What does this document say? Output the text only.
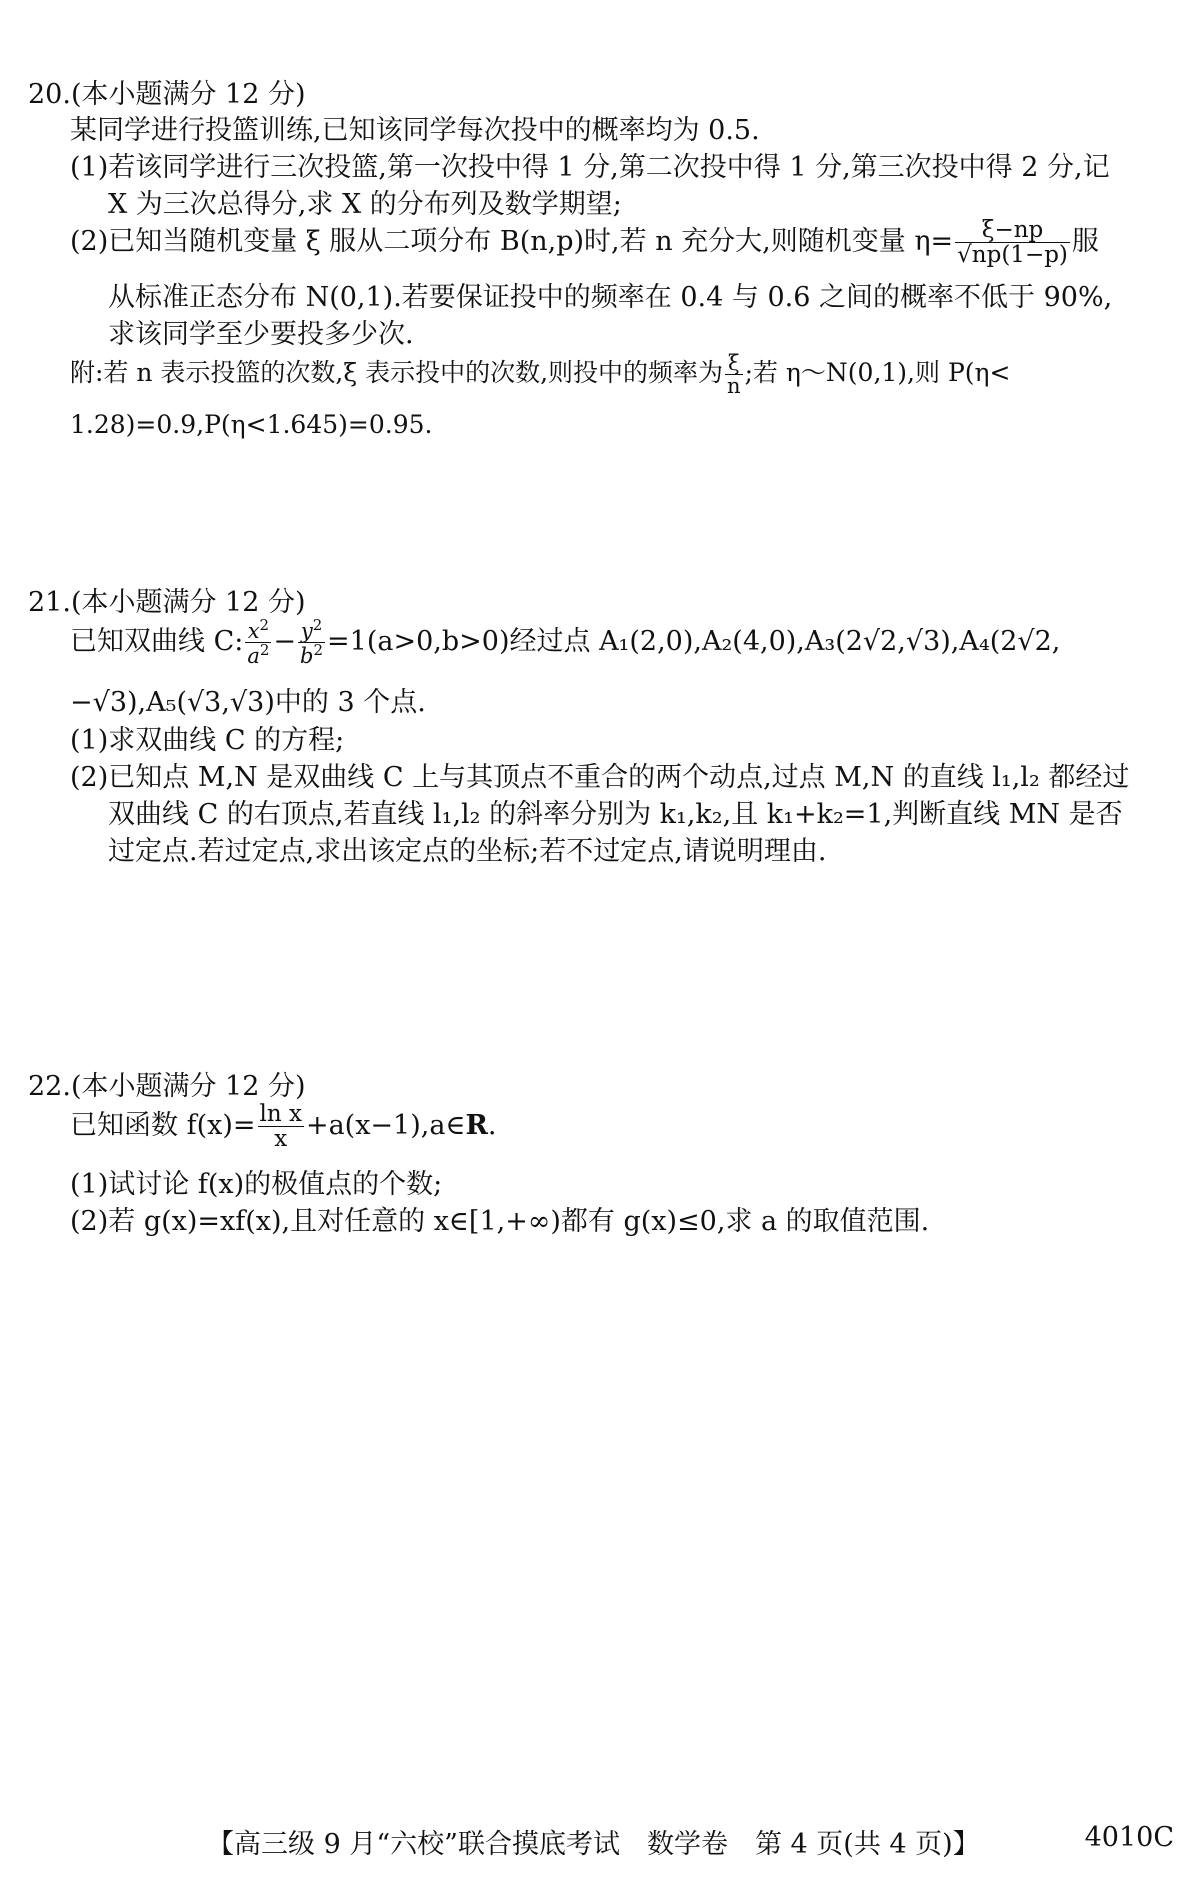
20.(本小题满分 12 分)
某同学进行投篮训练,已知该同学每次投中的概率均为 0.5.
(1)若该同学进行三次投篮,第一次投中得 1 分,第二次投中得 1 分,第三次投中得 2 分,记
X 为三次总得分,求 X 的分布列及数学期望;
(2)已知当随机变量 ξ 服从二项分布 B(n,p)时,若 n 充分大,则随机变量 $\eta= \frac{\xi-np}{√np(1-p)}$ 服
从标准正态分布 N(0,1).若要保证投中的频率在 0.4 与 0.6 之间的概率不低于 90%,
求该同学至少要投多少次.
附:若 n 表示投篮的次数,ξ 表示投中的次数,则投中的频率为 $\frac{\xi}{n}$ ;若 η～N(0,1),则 P(η<
1.28)=0.9,P(η<1.645)=0.95.
21.(本小题满分 12 分)
已知双曲线 C: $\frac{x^2}{a^2} - \frac{y^2}{b^2} =1(a>0,b>0)$经过点 A₁(2,0),A₂(4,0),A₃(2√2,√3),A₄(2√2,
−√3),A₅(√3,√3)中的 3 个点.
(1)求双曲线 C 的方程;
(2)已知点 M,N 是双曲线 C 上与其顶点不重合的两个动点,过点 M,N 的直线 l₁,l₂ 都经过
双曲线 C 的右顶点,若直线 l₁,l₂ 的斜率分别为 k₁,k₂,且 k₁+k₂=1,判断直线 MN 是否
过定点.若过定点,求出该定点的坐标;若不过定点,请说明理由.
22.(本小题满分 12 分)
已知函数 $f(x)= \frac{\text{ln x}}{x}$ +a(x−1),a∈R.
(1)试讨论 f(x)的极值点的个数;
(2)若 g(x)=xf(x),且对任意的 x∈[1,+∞)都有 g(x)≤0,求 a 的取值范围.
【高三级 9 月“六校”联合摸底考试　数学卷　第 4 页(共 4 页)】	4010C
